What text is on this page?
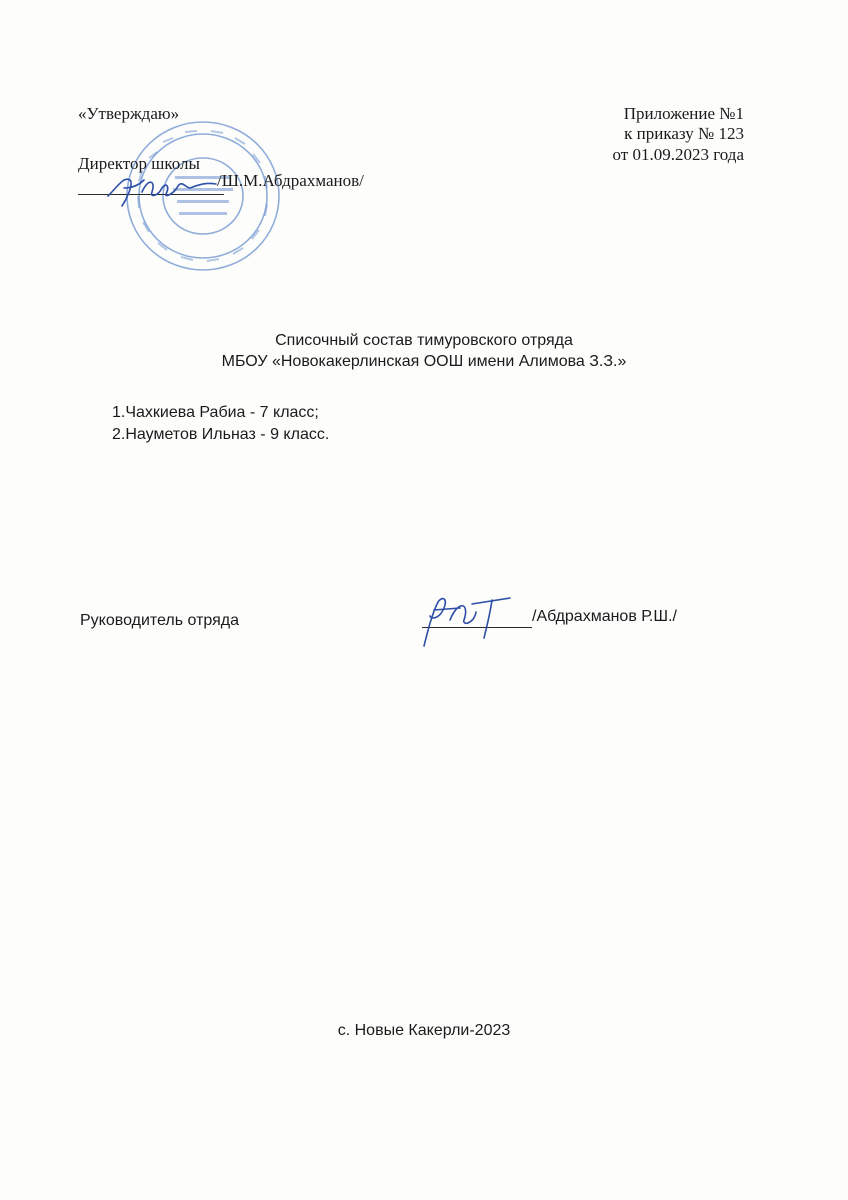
«Утверждаю»
Директор школы
/Ш.М.Абдрахманов/
Приложение №1
к приказу № 123
от 01.09.2023 года
Списочный состав тимуровского отряда
МБОУ «Новокакерлинская ООШ имени Алимова З.З.»
1.Чахкиева Рабиа - 7 класс;
2.Науметов Ильназ - 9 класс.
Руководитель отряда	/Абдрахманов Р.Ш./
с. Новые Какерли-2023
